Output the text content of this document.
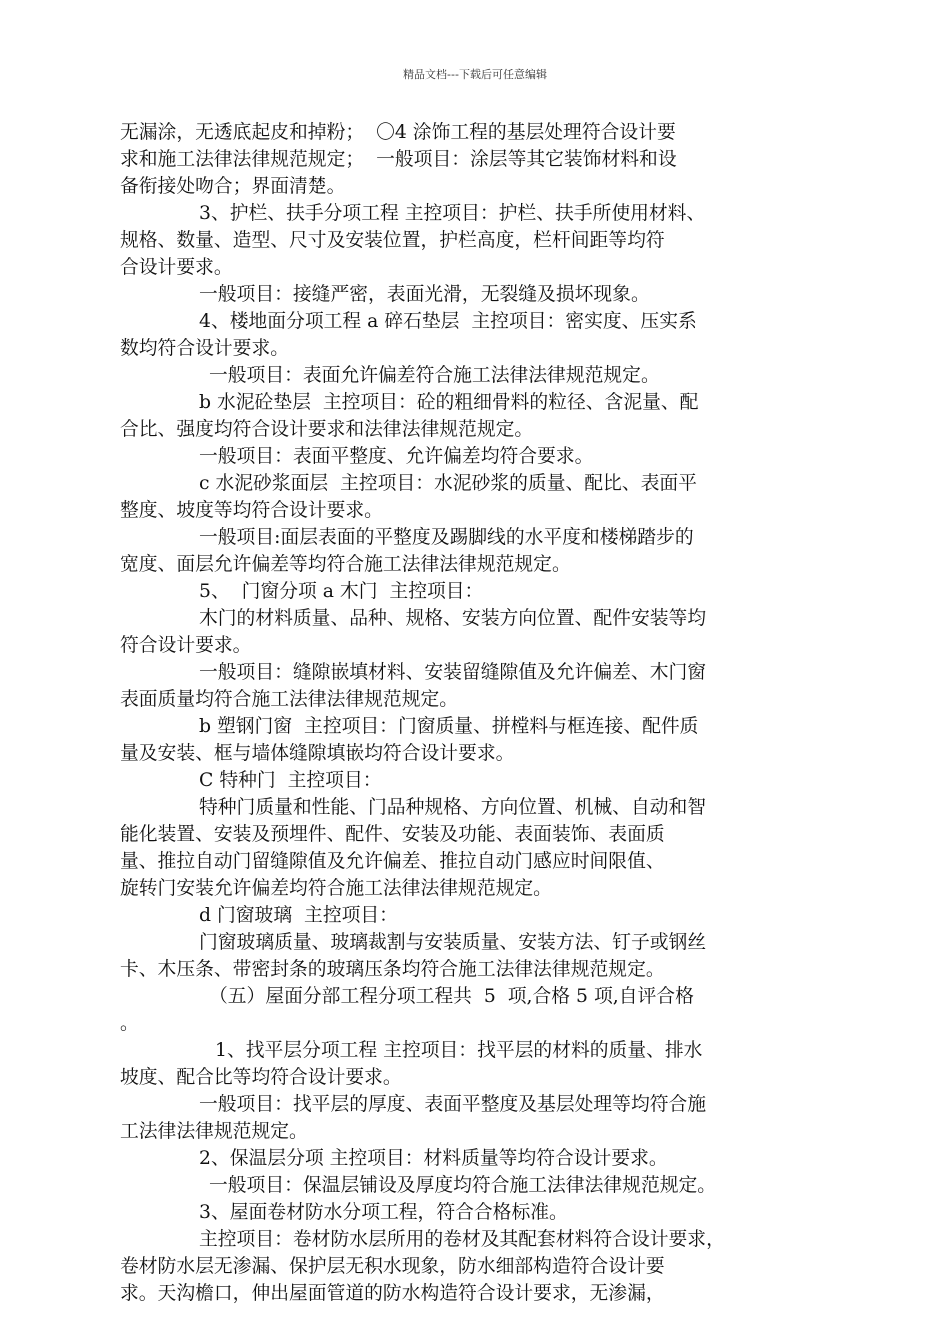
精品文档---下载后可任意编辑
无漏涂，无透底起皮和掉粉；  〇4 涂饰工程的基层处理符合设计要
求和施工法律法律规范规定；  一般项目：涂层等其它装饰材料和设
备衔接处吻合；界面清楚。
3、护栏、扶手分项工程 主控项目：护栏、扶手所使用材料、
规格、数量、造型、尺寸及安装位置，护栏高度，栏杆间距等均符
合设计要求。
一般项目：接缝严密，表面光滑，无裂缝及损坏现象。
4、楼地面分项工程 a 碎石垫层  主控项目：密实度、压实系
数均符合设计要求。
一般项目：表面允许偏差符合施工法律法律规范规定。
b 水泥砼垫层  主控项目：砼的粗细骨料的粒径、含泥量、配
合比、强度均符合设计要求和法律法律规范规定。
一般项目：表面平整度、允许偏差均符合要求。
c 水泥砂浆面层  主控项目：水泥砂浆的质量、配比、表面平
整度、坡度等均符合设计要求。
一般项目:面层表面的平整度及踢脚线的水平度和楼梯踏步的
宽度、面层允许偏差等均符合施工法律法律规范规定。
5、  门窗分项 a 木门  主控项目：
木门的材料质量、品种、规格、安装方向位置、配件安装等均
符合设计要求。
一般项目：缝隙嵌填材料、安装留缝隙值及允许偏差、木门窗
表面质量均符合施工法律法律规范规定。
b 塑钢门窗  主控项目：门窗质量、拼樘料与框连接、配件质
量及安装、框与墙体缝隙填嵌均符合设计要求。
C 特种门  主控项目：
特种门质量和性能、门品种规格、方向位置、机械、自动和智
能化装置、安装及预埋件、配件、安装及功能、表面装饰、表面质
量、推拉自动门留缝隙值及允许偏差、推拉自动门感应时间限值、
旋转门安装允许偏差均符合施工法律法律规范规定。
d 门窗玻璃  主控项目：
门窗玻璃质量、玻璃裁割与安装质量、安装方法、钉子或钢丝
卡、木压条、带密封条的玻璃压条均符合施工法律法律规范规定。
（五）屋面分部工程分项工程共  5  项,合格 5 项,自评合格
。
1、找平层分项工程 主控项目：找平层的材料的质量、排水
坡度、配合比等均符合设计要求。
一般项目：找平层的厚度、表面平整度及基层处理等均符合施
工法律法律规范规定。
2、保温层分项 主控项目：材料质量等均符合设计要求。
一般项目：保温层铺设及厚度均符合施工法律法律规范规定。
3、屋面卷材防水分项工程，符合合格标准。
主控项目：卷材防水层所用的卷材及其配套材料符合设计要求，
卷材防水层无渗漏、保护层无积水现象，防水细部构造符合设计要
求。天沟檐口，伸出屋面管道的防水构造符合设计要求，无渗漏，
